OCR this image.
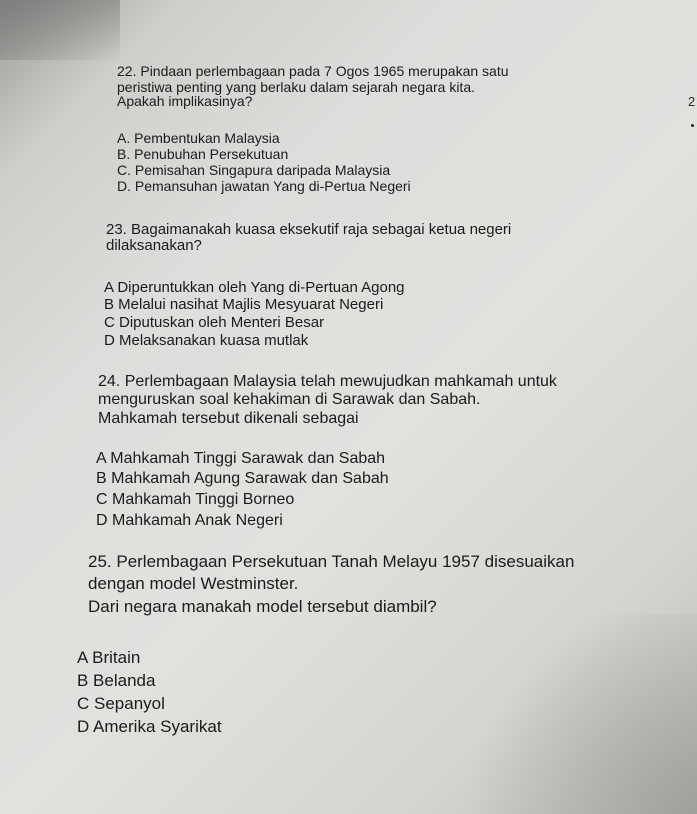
2
22. Pindaan perlembagaan pada 7 Ogos 1965 merupakan satu
peristiwa penting yang berlaku dalam sejarah negara kita.
Apakah implikasinya?
A. Pembentukan Malaysia
B. Penubuhan Persekutuan
C. Pemisahan Singapura daripada Malaysia
D. Pemansuhan jawatan Yang di-Pertua Negeri
23. Bagaimanakah kuasa eksekutif raja sebagai ketua negeri
dilaksanakan?
A Diperuntukkan oleh Yang di-Pertuan Agong
B Melalui nasihat Majlis Mesyuarat Negeri
C Diputuskan oleh Menteri Besar
D Melaksanakan kuasa mutlak
24. Perlembagaan Malaysia telah mewujudkan mahkamah untuk
menguruskan soal kehakiman di Sarawak dan Sabah.
Mahkamah tersebut dikenali sebagai
A Mahkamah Tinggi Sarawak dan Sabah
B Mahkamah Agung Sarawak dan Sabah
C Mahkamah Tinggi Borneo
D Mahkamah Anak Negeri
25. Perlembagaan Persekutuan Tanah Melayu 1957 disesuaikan
dengan model Westminster.
Dari negara manakah model tersebut diambil?
A Britain
B Belanda
C Sepanyol
D Amerika Syarikat
